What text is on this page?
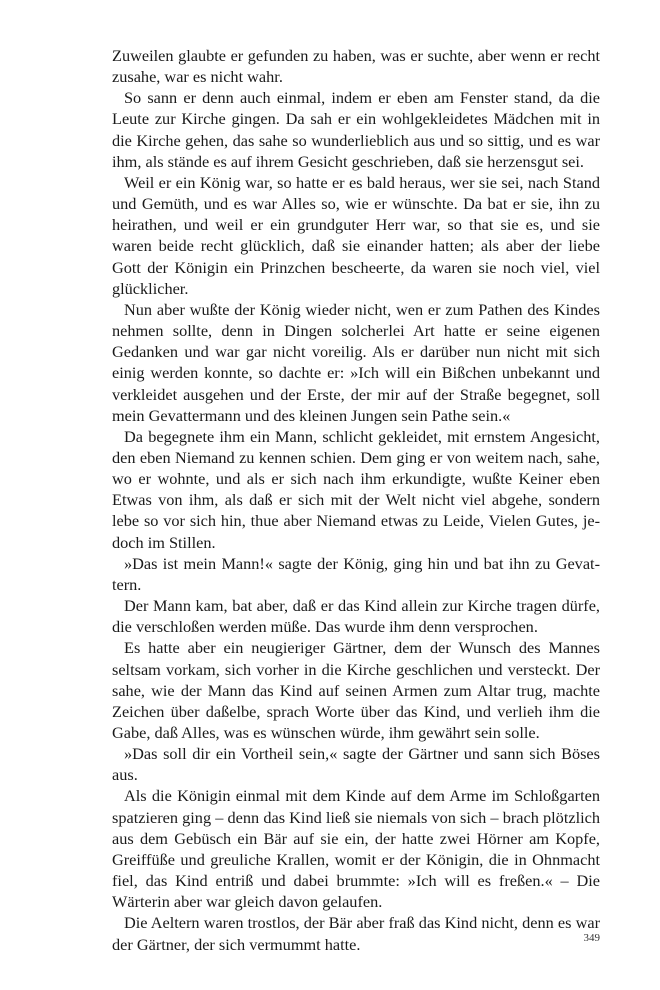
Zuweilen glaubte er gefunden zu haben, was er suchte, aber wenn er recht zusahe, war es nicht wahr.

So sann er denn auch einmal, indem er eben am Fenster stand, da die Leute zur Kirche gingen. Da sah er ein wohlgekleidetes Mädchen mit in die Kirche gehen, das sahe so wunderlieblich aus und so sittig, und es war ihm, als stände es auf ihrem Gesicht geschrieben, daß sie herzensgut sei.

Weil er ein König war, so hatte er es bald heraus, wer sie sei, nach Stand und Gemüth, und es war Alles so, wie er wünschte. Da bat er sie, ihn zu heirathen, und weil er ein grundguter Herr war, so that sie es, und sie waren beide recht glücklich, daß sie einander hatten; als aber der liebe Gott der Königin ein Prinzchen bescheerte, da waren sie noch viel, viel glücklicher.

Nun aber wußte der König wieder nicht, wen er zum Pathen des Kindes nehmen sollte, denn in Dingen solcherlei Art hatte er seine eigenen Gedanken und war gar nicht voreilig. Als er darüber nun nicht mit sich einig werden konnte, so dachte er: »Ich will ein Bißchen unbekannt und verkleidet ausgehen und der Erste, der mir auf der Straße begegnet, soll mein Gevattermann und des kleinen Jungen sein Pathe sein.«

Da begegnete ihm ein Mann, schlicht gekleidet, mit ernstem Angesicht, den eben Niemand zu kennen schien. Dem ging er von weitem nach, sahe, wo er wohnte, und als er sich nach ihm erkundigte, wußte Keiner eben Etwas von ihm, als daß er sich mit der Welt nicht viel abgehe, sondern lebe so vor sich hin, thue aber Niemand etwas zu Leide, Vielen Gutes, jedoch im Stillen.

»Das ist mein Mann!« sagte der König, ging hin und bat ihn zu Gevattern.

Der Mann kam, bat aber, daß er das Kind allein zur Kirche tragen dürfe, die verschloßen werden müße. Das wurde ihm denn versprochen.

Es hatte aber ein neugieriger Gärtner, dem der Wunsch des Mannes seltsam vorkam, sich vorher in die Kirche geschlichen und versteckt. Der sahe, wie der Mann das Kind auf seinen Armen zum Altar trug, machte Zeichen über daßelbe, sprach Worte über das Kind, und verlieh ihm die Gabe, daß Alles, was es wünschen würde, ihm gewährt sein solle.

»Das soll dir ein Vortheil sein,« sagte der Gärtner und sann sich Böses aus.

Als die Königin einmal mit dem Kinde auf dem Arme im Schloßgarten spatzieren ging – denn das Kind ließ sie niemals von sich – brach plötzlich aus dem Gebüsch ein Bär auf sie ein, der hatte zwei Hörner am Kopfe, Greiffüße und greuliche Krallen, womit er der Königin, die in Ohnmacht fiel, das Kind entriß und dabei brummte: »Ich will es freßen.« – Die Wärterin aber war gleich davon gelaufen.

Die Aeltern waren trostlos, der Bär aber fraß das Kind nicht, denn es war der Gärtner, der sich vermummt hatte.	349
